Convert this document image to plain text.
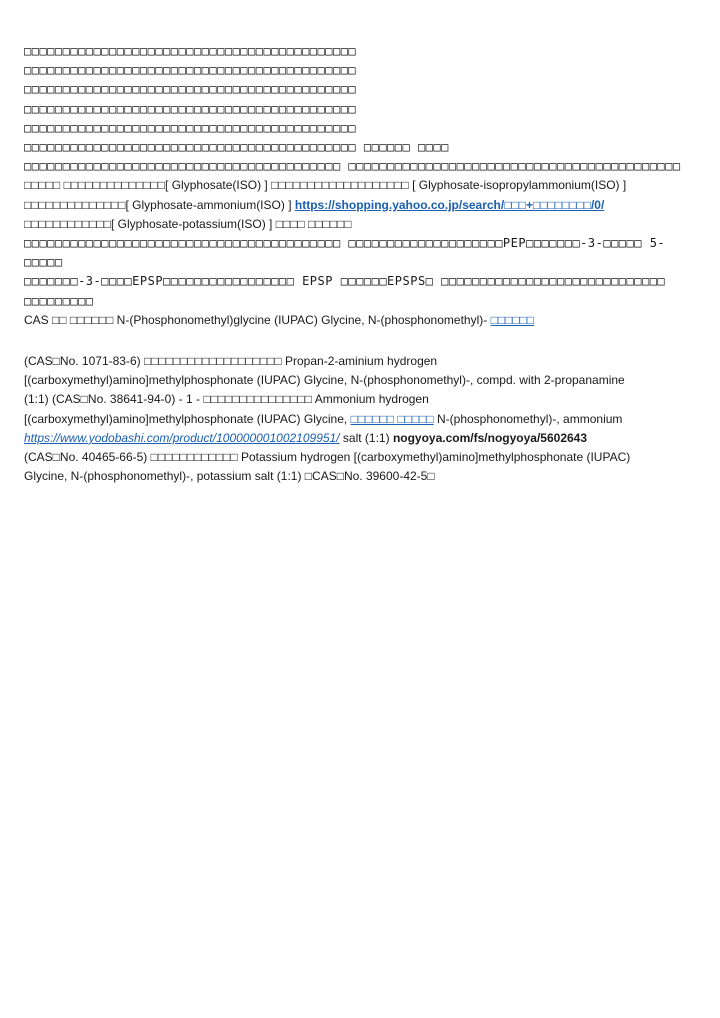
□□□□□□□□□□□□□□□□□□□□□□□□□□□□□□□□□□□□□□□□□□□
□□□□□□□□□□□□□□□□□□□□□□□□□□□□□□□□□□□□□□□□□□□
□□□□□□□□□□□□□□□□□□□□□□□□□□□□□□□□□□□□□□□□□□□
□□□□□□□□□□□□□□□□□□□□□□□□□□□□□□□□□□□□□□□□□□□
□□□□□□□□□□□□□□□□□□□□□□□□□□□□□□□□□□□□□□□□□□□
□□□□□□□□□□□□□□□□□□□□□□□□□□□□□□□□□□□□□□□□□□□ □□□□□□ □□□□
□□□□□□□□□□□□□□□□□□□□□□□□□□□□□□□□□□□□□□□□□ □□□□□□□□□□□□□□□□□□□□□□□□□□□□□□□□□□□□□□□□□□□
□□□□□ □□□□□□□□□□□□□□[ Glyphosate(ISO) ] □□□□□□□□□□□□□□□□□□□ [ Glyphosate-isopropylammonium(ISO) ]
□□□□□□□□□□□□□□[ Glyphosate-ammonium(ISO) ] https://shopping.yahoo.co.jp/search/□□□+□□□□□□□□/0/
□□□□□□□□□□□□[ Glyphosate-potassium(ISO) ] □□□□ □□□□□□
□□□□□□□□□□□□□□□□□□□□□□□□□□□□□□□□□□□□□□□□□ □□□□□□□□□□□□□□□□□□□□PEP□□□□□□□-3-□□□□□ 5-□□□□□
□□□□□□□-3-□□□□EPSP□□□□□□□□□□□□□□□□□ EPSP □□□□□□EPSPS□ □□□□□□□□□□□□□□□□□□□□□□□□□□□□□ □□□□□□□□□
CAS □□ □□□□□□ N-(Phosphonomethyl)glycine (IUPAC) Glycine, N-(phosphonomethyl)- □□□□□□
(CAS□No. 1071-83-6) □□□□□□□□□□□□□□□□□□□ Propan-2-aminium hydrogen
[(carboxymethyl)amino]methylphosphonate (IUPAC) Glycine, N-(phosphonomethyl)-, compd. with 2-propanamine
(1:1) (CAS□No. 38641-94-0) - 1 - □□□□□□□□□□□□□□□ Ammonium hydrogen
[(carboxymethyl)amino]methylphosphonate (IUPAC) Glycine, □□□□□□ □□□□□ N-(phosphonomethyl)-, ammonium
https://www.yodobashi.com/product/100000001002109951/ salt (1:1) nogyoya.com/fs/nogyoya/5602643
(CAS□No. 40465-66-5) □□□□□□□□□□□□ Potassium hydrogen [(carboxymethyl)amino]methylphosphonate (IUPAC)
Glycine, N-(phosphonomethyl)-, potassium salt (1:1) □CAS□No. 39600-42-5□
